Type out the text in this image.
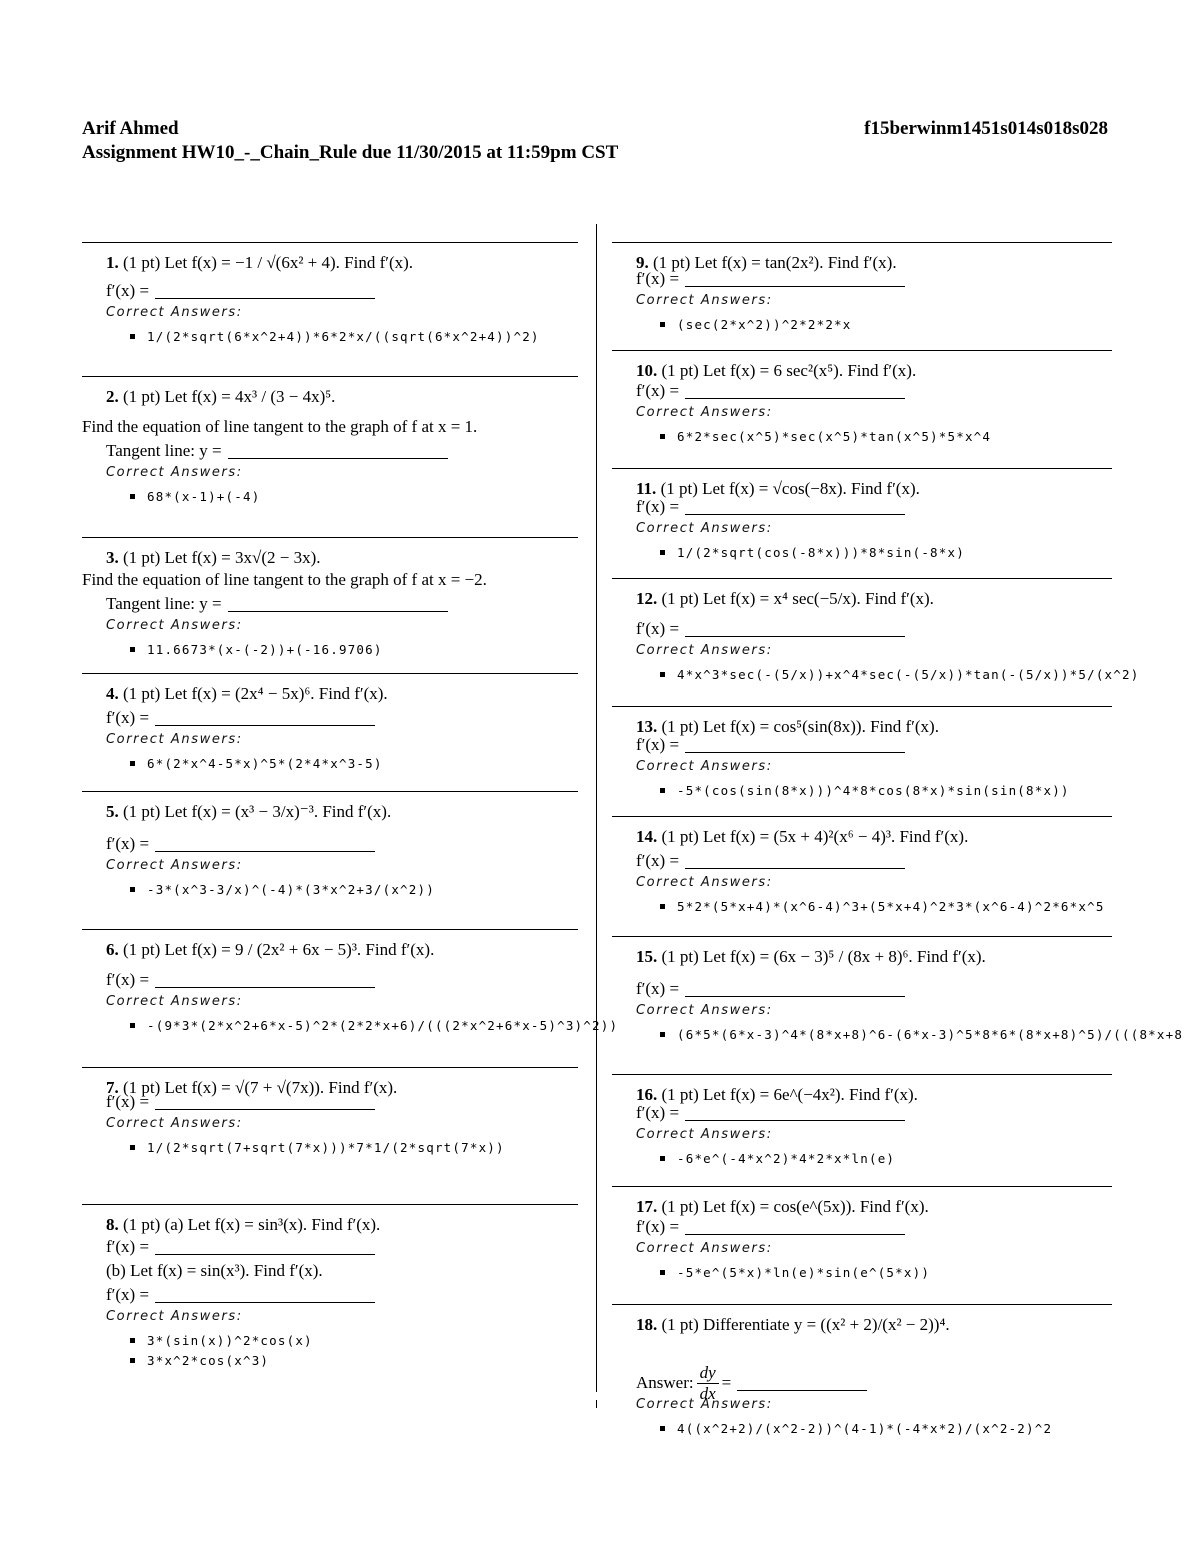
Arif Ahmed
Assignment HW10_-_Chain_Rule due 11/30/2015 at 11:59pm CST
f15berwinm1451s014s018s028
1.
(1 pt)
Let f(x) = −1 / √(6x² + 4). Find f′(x).
f′(x) =
Correct Answers:
1/(2*sqrt(6*x^2+4))*6*2*x/((sqrt(6*x^2+4))^2)
2.
(1 pt)
Let f(x) = 4x³ / (3 − 4x)⁵.
Find the equation of line tangent to the graph of f at x = 1.
Tangent line: y =
Correct Answers:
68*(x-1)+(-4)
3.
(1 pt)
Let f(x) = 3x√(2 − 3x).
Find the equation of line tangent to the graph of f at x = −2.
Tangent line: y =
Correct Answers:
11.6673*(x-(-2))+(-16.9706)
4.
(1 pt)
Let f(x) = (2x⁴ − 5x)⁶. Find f′(x).
f′(x) =
Correct Answers:
6*(2*x^4-5*x)^5*(2*4*x^3-5)
5.
(1 pt)
Let f(x) = (x³ − 3/x)⁻³. Find f′(x).
f′(x) =
Correct Answers:
-3*(x^3-3/x)^(-4)*(3*x^2+3/(x^2))
6.
(1 pt)
Let f(x) = 9 / (2x² + 6x − 5)³. Find f′(x).
f′(x) =
Correct Answers:
-(9*3*(2*x^2+6*x-5)^2*(2*2*x+6)/(((2*x^2+6*x-5)^3)^2))
7.
(1 pt)
Let f(x) = √(7 + √(7x)). Find f′(x).
f′(x) =
Correct Answers:
1/(2*sqrt(7+sqrt(7*x)))*7*1/(2*sqrt(7*x))
8.
(1 pt)
(a) Let f(x) = sin³(x). Find f′(x).
f′(x) =
(b) Let f(x) = sin(x³). Find f′(x).
f′(x) =
Correct Answers:
3*(sin(x))^2*cos(x)
3*x^2*cos(x^3)
9.
(1 pt)
Let f(x) = tan(2x²). Find f′(x).
f′(x) =
Correct Answers:
(sec(2*x^2))^2*2*2*x
10.
(1 pt)
Let f(x) = 6 sec²(x⁵). Find f′(x).
f′(x) =
Correct Answers:
6*2*sec(x^5)*sec(x^5)*tan(x^5)*5*x^4
11.
(1 pt)
Let f(x) = √cos(−8x). Find f′(x).
f′(x) =
Correct Answers:
1/(2*sqrt(cos(-8*x)))*8*sin(-8*x)
12.
(1 pt)
Let f(x) = x⁴ sec(−5/x). Find f′(x).
f′(x) =
Correct Answers:
4*x^3*sec(-(5/x))+x^4*sec(-(5/x))*tan(-(5/x))*5/(x^2)
13.
(1 pt)
Let f(x) = cos⁵(sin(8x)). Find f′(x).
f′(x) =
Correct Answers:
-5*(cos(sin(8*x)))^4*8*cos(8*x)*sin(sin(8*x))
14.
(1 pt)
Let f(x) = (5x + 4)²(x⁶ − 4)³. Find f′(x).
f′(x) =
Correct Answers:
5*2*(5*x+4)*(x^6-4)^3+(5*x+4)^2*3*(x^6-4)^2*6*x^5
15.
(1 pt)
Let f(x) = (6x − 3)⁵ / (8x + 8)⁶. Find f′(x).
f′(x) =
Correct Answers:
(6*5*(6*x-3)^4*(8*x+8)^6-(6*x-3)^5*8*6*(8*x+8)^5)/(((8*x+8
16.
(1 pt)
Let f(x) = 6e^(−4x²). Find f′(x).
f′(x) =
Correct Answers:
-6*e^(-4*x^2)*4*2*x*ln(e)
17.
(1 pt)
Let f(x) = cos(e^(5x)). Find f′(x).
f′(x) =
Correct Answers:
-5*e^(5*x)*ln(e)*sin(e^(5*x))
18.
(1 pt)
Differentiate y = ((x² + 2)/(x² − 2))⁴.
Answer: $\frac{dy}{dx}$ =
Correct Answers:
4((x^2+2)/(x^2-2))^(4-1)*(-4*x*2)/(x^2-2)^2
